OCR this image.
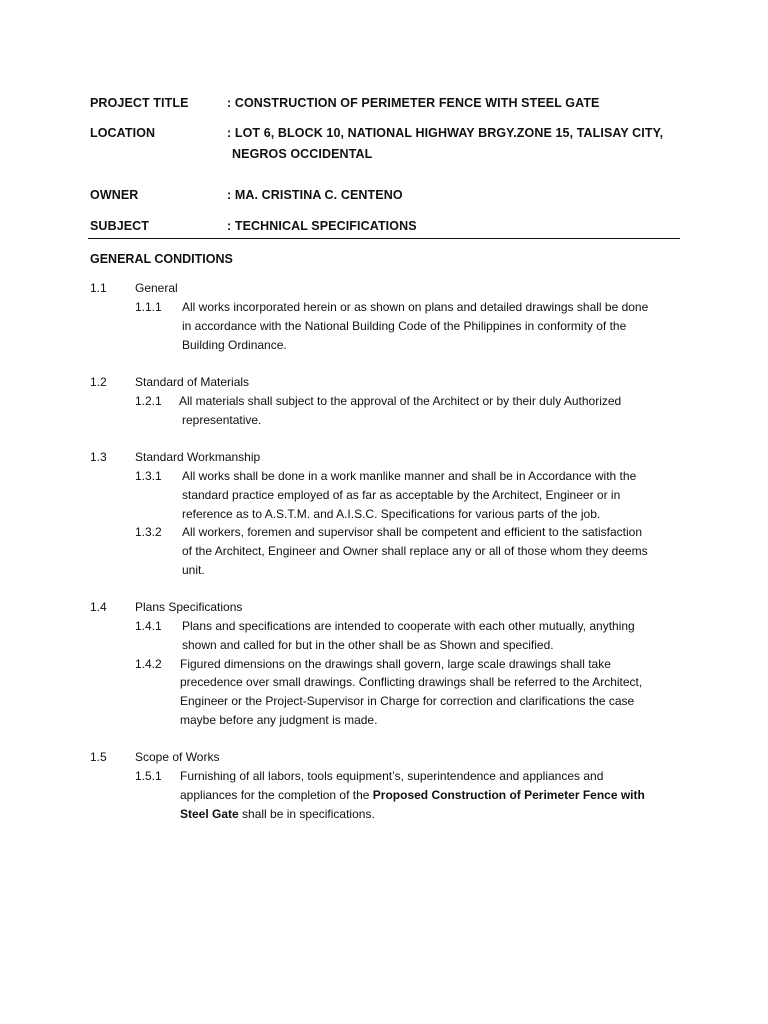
PROJECT TITLE	: CONSTRUCTION OF PERIMETER FENCE WITH STEEL GATE
LOCATION	: LOT 6, BLOCK 10, NATIONAL HIGHWAY BRGY.ZONE 15, TALISAY CITY,
NEGROS OCCIDENTAL
OWNER	: MA. CRISTINA C. CENTENO
SUBJECT	: TECHNICAL SPECIFICATIONS
GENERAL CONDITIONS
1.1 General
1.1.1 All works incorporated herein or as shown on plans and detailed drawings shall be done
in accordance with the National Building Code of the Philippines in conformity of the
Building Ordinance.
1.2 Standard of Materials
1.2.1 All materials shall subject to the approval of the Architect or by their duly Authorized
representative.
1.3 Standard Workmanship
1.3.1 All works shall be done in a work manlike manner and shall be in Accordance with the
standard practice employed of as far as acceptable by the Architect, Engineer or in
reference as to A.S.T.M. and A.I.S.C. Specifications for various parts of the job.
1.3.2 All workers, foremen and supervisor shall be competent and efficient to the satisfaction
of the Architect, Engineer and Owner shall replace any or all of those whom they deems
unit.
1.4 Plans Specifications
1.4.1 Plans and specifications are intended to cooperate with each other mutually, anything
shown and called for but in the other shall be as Shown and specified.
1.4.2 Figured dimensions on the drawings shall govern, large scale drawings shall take
precedence over small drawings. Conflicting drawings shall be referred to the Architect,
Engineer or the Project-Supervisor in Charge for correction and clarifications the case
maybe before any judgment is made.
1.5 Scope of Works
1.5.1 Furnishing of all labors, tools equipment’s, superintendence and appliances and
appliances for the completion of the Proposed Construction of Perimeter Fence with
Steel Gate shall be in specifications.
